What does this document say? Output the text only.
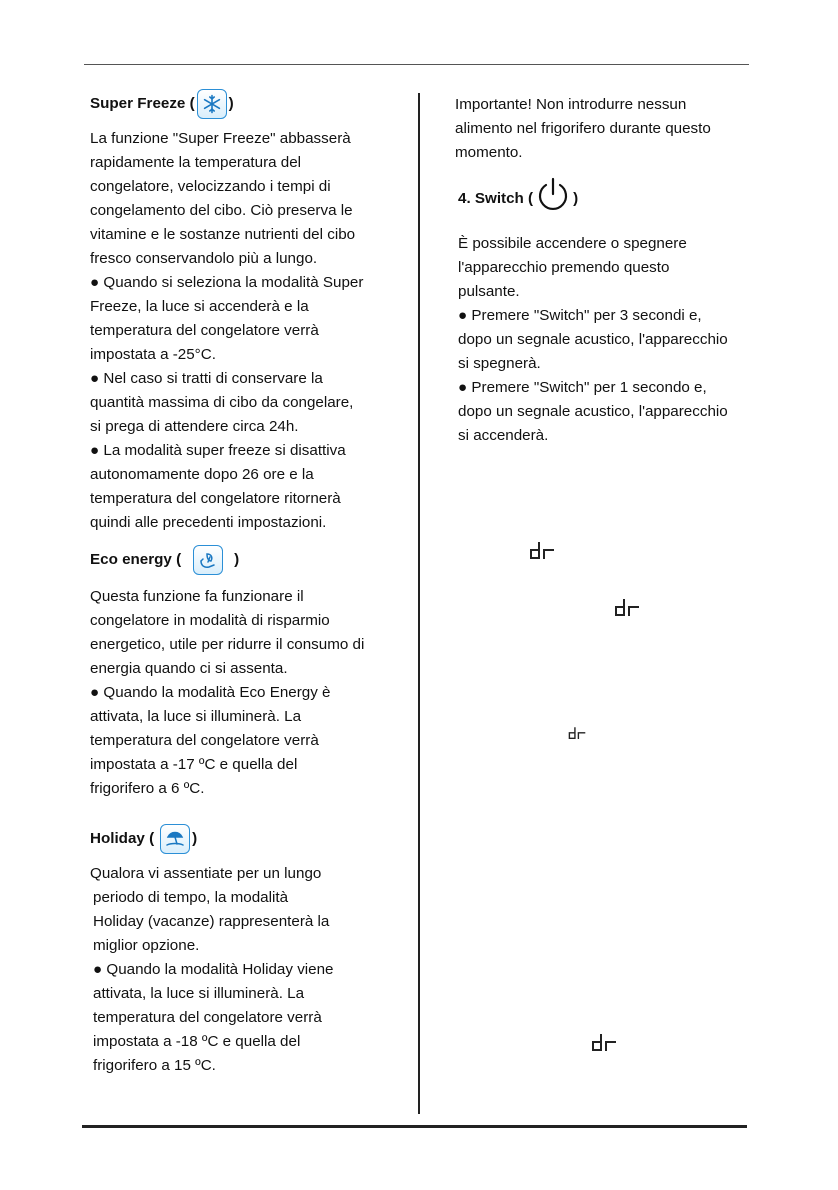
Super Freeze ( )

La funzione "Super Freeze" abbasserà

rapidamente la temperatura del

congelatore, velocizzando i tempi di

congelamento del cibo. Ciò preserva le

vitamine e le sostanze nutrienti del cibo

fresco conservandolo più a lungo.

● Quando si seleziona la modalità Super

Freeze, la luce si accenderà e la

temperatura del congelatore verrà

impostata a -25°C.

● Nel caso si tratti di conservare la

quantità massima di cibo da congelare,

si prega di attendere circa 24h.

● La modalità super freeze si disattiva

autonomamente dopo 26 ore e la

temperatura del congelatore ritornerà

quindi alle precedenti impostazioni.

Eco energy (	)

Questa funzione fa funzionare il

congelatore in modalità di risparmio

energetico, utile per ridurre il consumo di

energia quando ci si assenta.

● Quando la modalità Eco Energy è

attivata, la luce si illuminerà. La

temperatura del congelatore verrà

impostata a -17 ºC e quella del

frigorifero a 6 ºC.

Holiday (	)

Qualora vi assentiate per un lungo

periodo di tempo, la modalità

Holiday (vacanze) rappresenterà la

miglior opzione.

● Quando la modalità Holiday viene

attivata, la luce si illuminerà. La

temperatura del congelatore verrà

impostata a -18 ºC e quella del

frigorifero a 15 ºC.

Importante! Non introdurre nessun

alimento nel frigorifero durante questo

momento.

4. Switch (	)

È possibile accendere o spegnere

l'apparecchio premendo questo

pulsante.

● Premere "Switch" per 3 secondi e,

dopo un segnale acustico, l'apparecchio

si spegnerà.

● Premere "Switch" per 1 secondo e,

dopo un segnale acustico, l'apparecchio

si accenderà.
